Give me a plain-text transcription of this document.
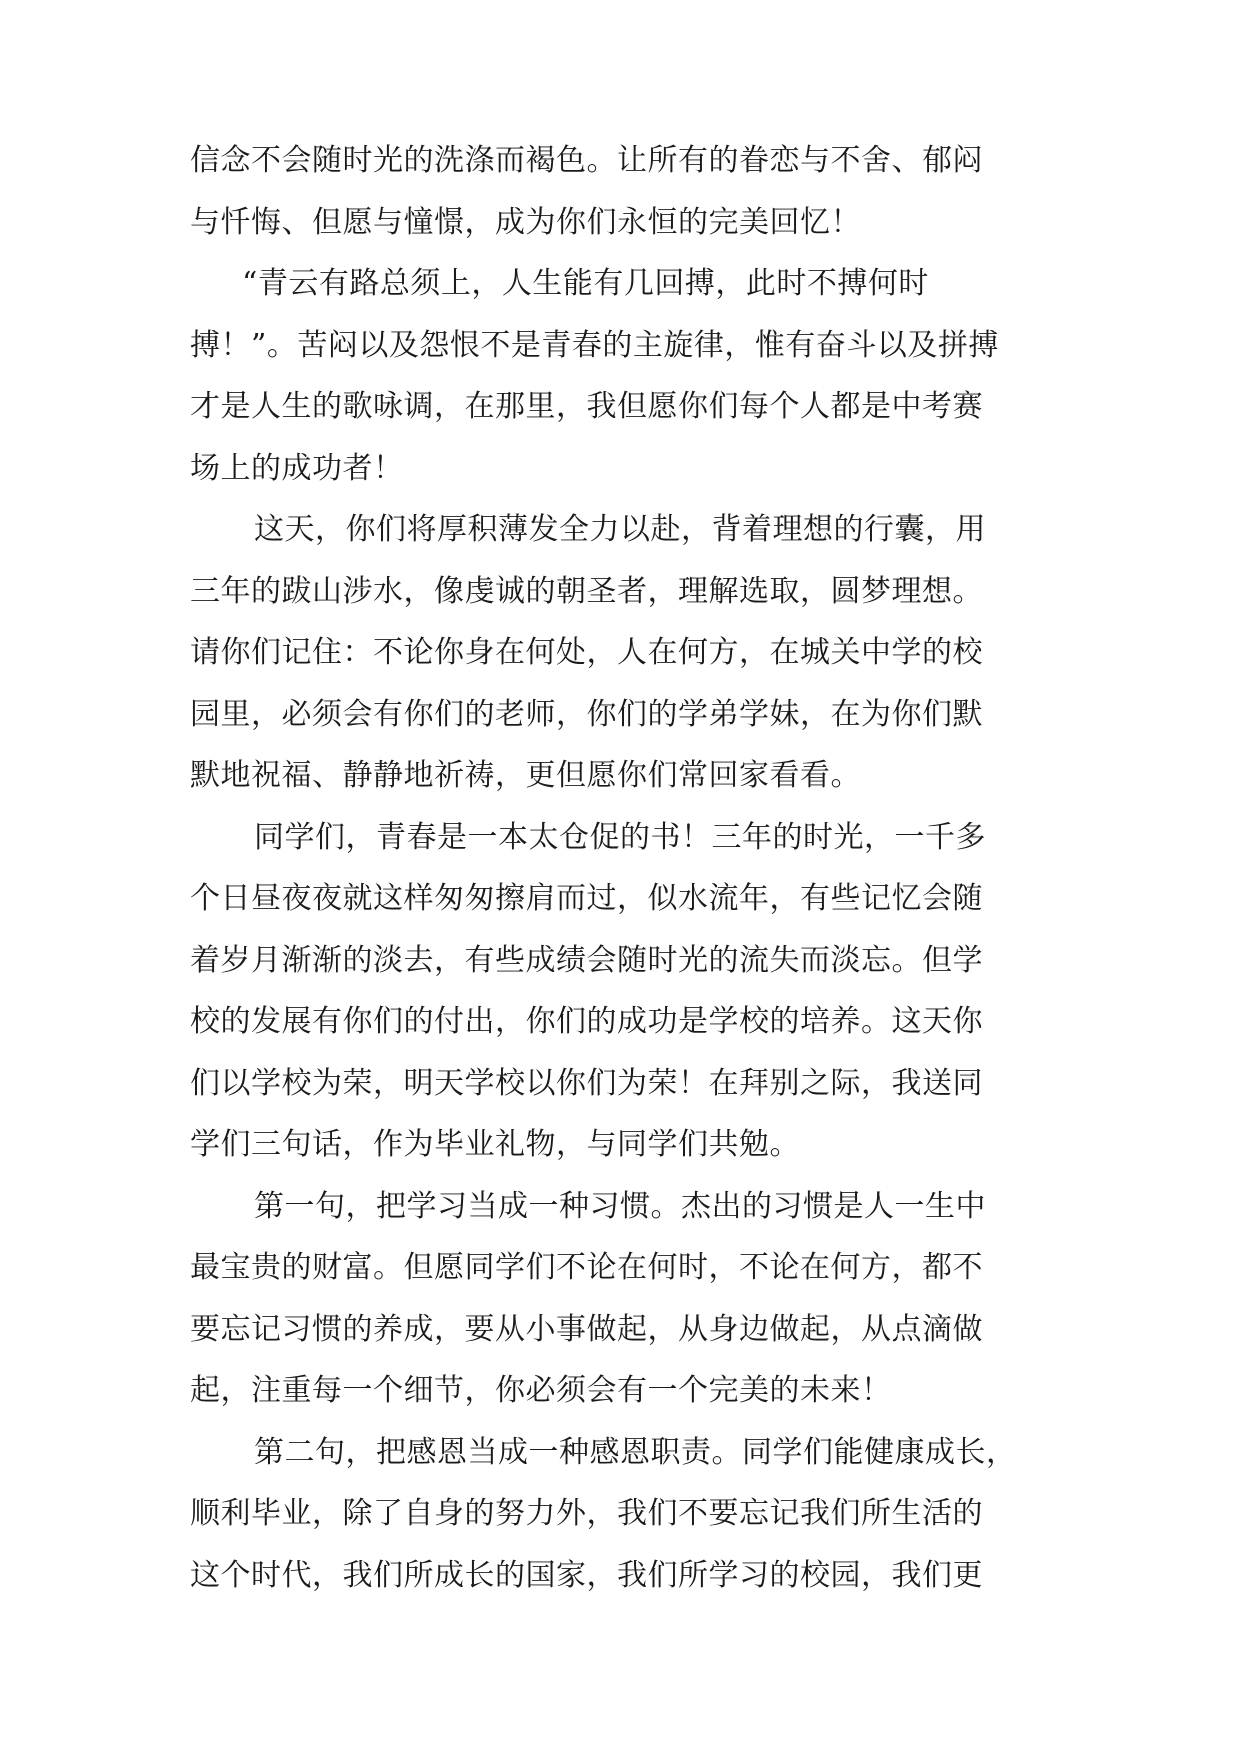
信念不会随时光的洗涤而褐色。让所有的眷恋与不舍、郁闷
与忏悔、但愿与憧憬，成为你们永恒的完美回忆！

“青云有路总须上，人生能有几回搏，此时不搏何时
搏！”。苦闷以及怨恨不是青春的主旋律，惟有奋斗以及拼搏
才是人生的歌咏调，在那里，我但愿你们每个人都是中考赛
场上的成功者！

这天，你们将厚积薄发全力以赴，背着理想的行囊，用
三年的跋山涉水，像虔诚的朝圣者，理解选取，圆梦理想。
请你们记住：不论你身在何处，人在何方，在城关中学的校
园里，必须会有你们的老师，你们的学弟学妹，在为你们默
默地祝福、静静地祈祷，更但愿你们常回家看看。

同学们，青春是一本太仓促的书！三年的时光，一千多
个日昼夜夜就这样匆匆擦肩而过，似水流年，有些记忆会随
着岁月渐渐的淡去，有些成绩会随时光的流失而淡忘。但学
校的发展有你们的付出，你们的成功是学校的培养。这天你
们以学校为荣，明天学校以你们为荣！在拜别之际，我送同
学们三句话，作为毕业礼物，与同学们共勉。

第一句，把学习当成一种习惯。杰出的习惯是人一生中
最宝贵的财富。但愿同学们不论在何时，不论在何方，都不
要忘记习惯的养成，要从小事做起，从身边做起，从点滴做
起，注重每一个细节，你必须会有一个完美的未来！

第二句，把感恩当成一种感恩职责。同学们能健康成长，
顺利毕业，除了自身的努力外，我们不要忘记我们所生活的
这个时代，我们所成长的国家，我们所学习的校园，我们更
